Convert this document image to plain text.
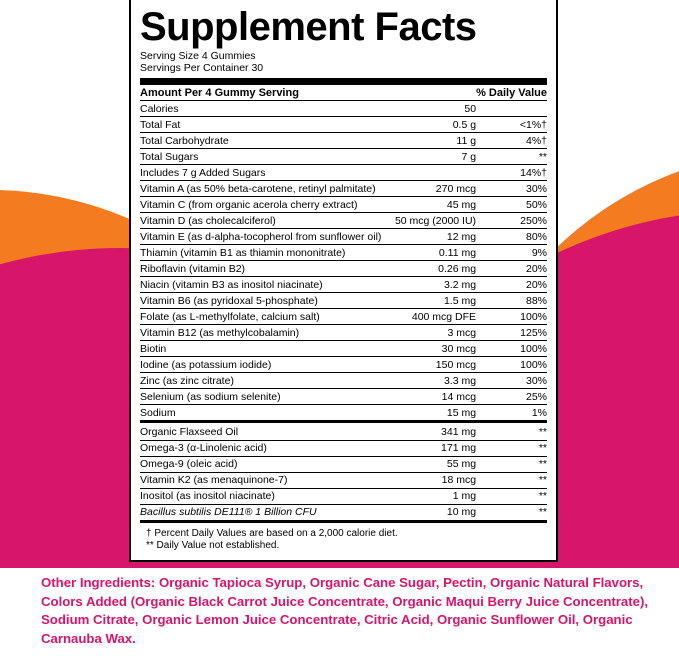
Supplement Facts
Serving Size 4 Gummies
Servings Per Container 30
Amount Per 4 Gummy Serving		% Daily Value
Calories	50	
Total Fat	0.5 g	<1%†
Total Carbohydrate	11 g	4%†
Total Sugars	7 g	**
Includes 7 g Added Sugars		14%†
Vitamin A (as 50% beta-carotene, retinyl palmitate)	270 mcg	30%
Vitamin C (from organic acerola cherry extract)	45 mg	50%
Vitamin D (as cholecalciferol)	50 mcg (2000 IU)	250%
Vitamin E (as d-alpha-tocopherol from sunflower oil)	12 mg	80%
Thiamin (vitamin B1 as thiamin mononitrate)	0.11 mg	9%
Riboflavin (vitamin B2)	0.26 mg	20%
Niacin (vitamin B3 as inositol niacinate)	3.2 mg	20%
Vitamin B6 (as pyridoxal 5-phosphate)	1.5 mg	88%
Folate (as L-methylfolate, calcium salt)	400 mcg DFE	100%
Vitamin B12 (as methylcobalamin)	3 mcg	125%
Biotin	30 mcg	100%
Iodine (as potassium iodide)	150 mcg	100%
Zinc (as zinc citrate)	3.3 mg	30%
Selenium (as sodium selenite)	14 mcg	25%
Sodium	15 mg	1%
Organic Flaxseed Oil	341 mg	**
Omega-3 (α-Linolenic acid)	171 mg	**
Omega-9 (oleic acid)	55 mg	**
Vitamin K2 (as menaquinone-7)	18 mcg	**
Inositol (as inositol niacinate)	1 mg	**
Bacillus subtilis DE111® 1 Billion CFU	10 mg	**
† Percent Daily Values are based on a 2,000 calorie diet.
** Daily Value not established.
Other Ingredients: Organic Tapioca Syrup, Organic Cane Sugar, Pectin, Organic Natural Flavors, Colors Added (Organic Black Carrot Juice Concentrate, Organic Maqui Berry Juice Concentrate), Sodium Citrate, Organic Lemon Juice Concentrate, Citric Acid, Organic Sunflower Oil, Organic Carnauba Wax.
